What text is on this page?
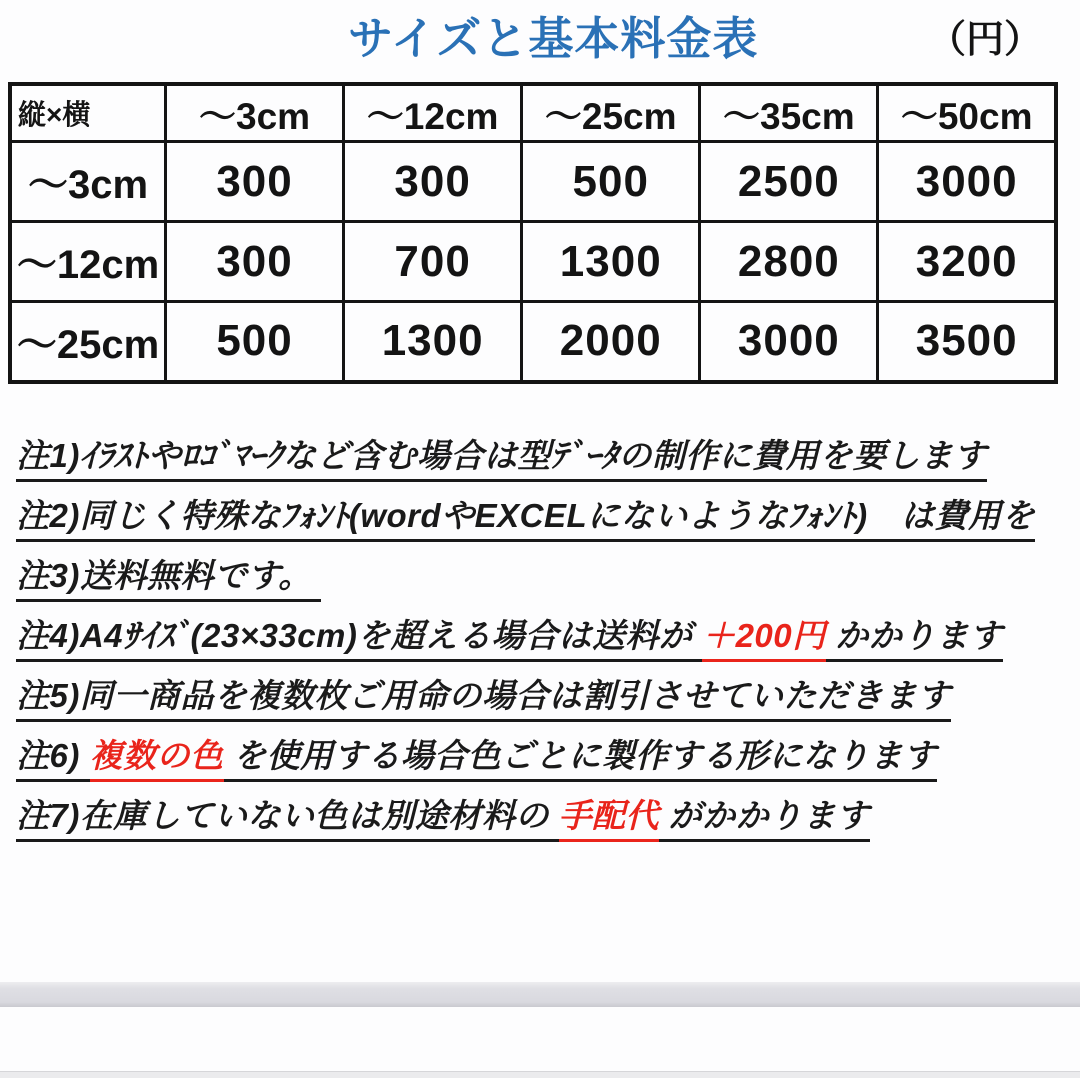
サイズと基本料金表	（円）
縦×横	～3cm	～12cm	～25cm	～35cm	～50cm
～3cm	300	300	500	2500	3000
～12cm	300	700	1300	2800	3200
～25cm	500	1300	2000	3000	3500
注1)ｲﾗｽﾄやﾛｺﾞﾏｰｸなど含む場合は型ﾃﾞｰﾀの制作に費用を要します
注2)同じく特殊なﾌｫﾝﾄ(wordやEXCELにないようなﾌｫﾝﾄ)　は費用を
注3)送料無料です。
注4)A4ｻｲｽﾞ(23×33cm)を超える場合は送料が ＋200円 かかります
注5)同一商品を複数枚ご用命の場合は割引させていただきます
注6) 複数の色 を使用する場合色ごとに製作する形になります
注7)在庫していない色は別途材料の 手配代 がかかります
